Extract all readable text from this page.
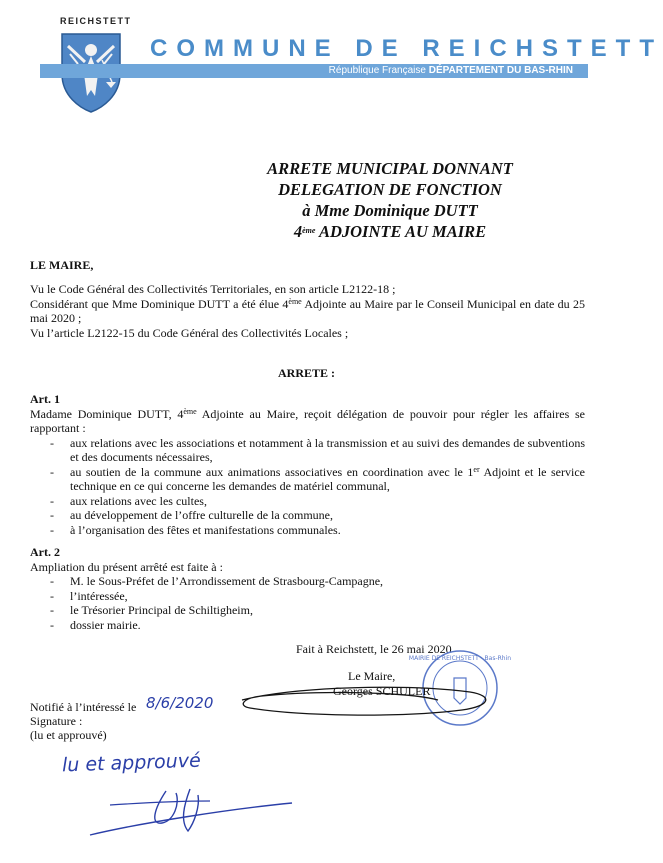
REICHSTETT
COMMUNE DE REICHSTETT
République Française DÉPARTEMENT DU BAS-RHIN
ARRETE MUNICIPAL DONNANT
DELEGATION DE FONCTION
à Mme Dominique DUTT
4ème ADJOINTE AU MAIRE
LE MAIRE,
Vu le Code Général des Collectivités Territoriales, en son article L2122-18 ;
Considérant que Mme Dominique DUTT a été élue 4ème Adjointe au Maire par le Conseil Municipal en date du 25 mai 2020 ;
Vu l’article L2122-15 du Code Général des Collectivités Locales ;
ARRETE :
Art. 1
Madame Dominique DUTT, 4ème Adjointe au Maire, reçoit délégation de pouvoir pour régler les affaires se rapportant :
- aux relations avec les associations et notamment à la transmission et au suivi des demandes de subventions et des documents nécessaires,
- au soutien de la commune aux animations associatives en coordination avec le 1er Adjoint et le service technique en ce qui concerne les demandes de matériel communal,
- aux relations avec les cultes,
- au développement de l’offre culturelle de la commune,
- à l’organisation des fêtes et manifestations communales.
Art. 2
Ampliation du présent arrêté est faite à :
- M. le Sous-Préfet de l’Arrondissement de Strasbourg-Campagne,
- l’intéressée,
- le Trésorier Principal de Schiltigheim,
- dossier mairie.
Fait à Reichstett, le 26 mai 2020
MAIRIE DE REICHSTETT · Bas-Rhin
Le Maire,
Georges SCHULER
Notifié à l’intéressé le 8/6/2020
Signature :
(lu et approuvé)
lu et approuvé
